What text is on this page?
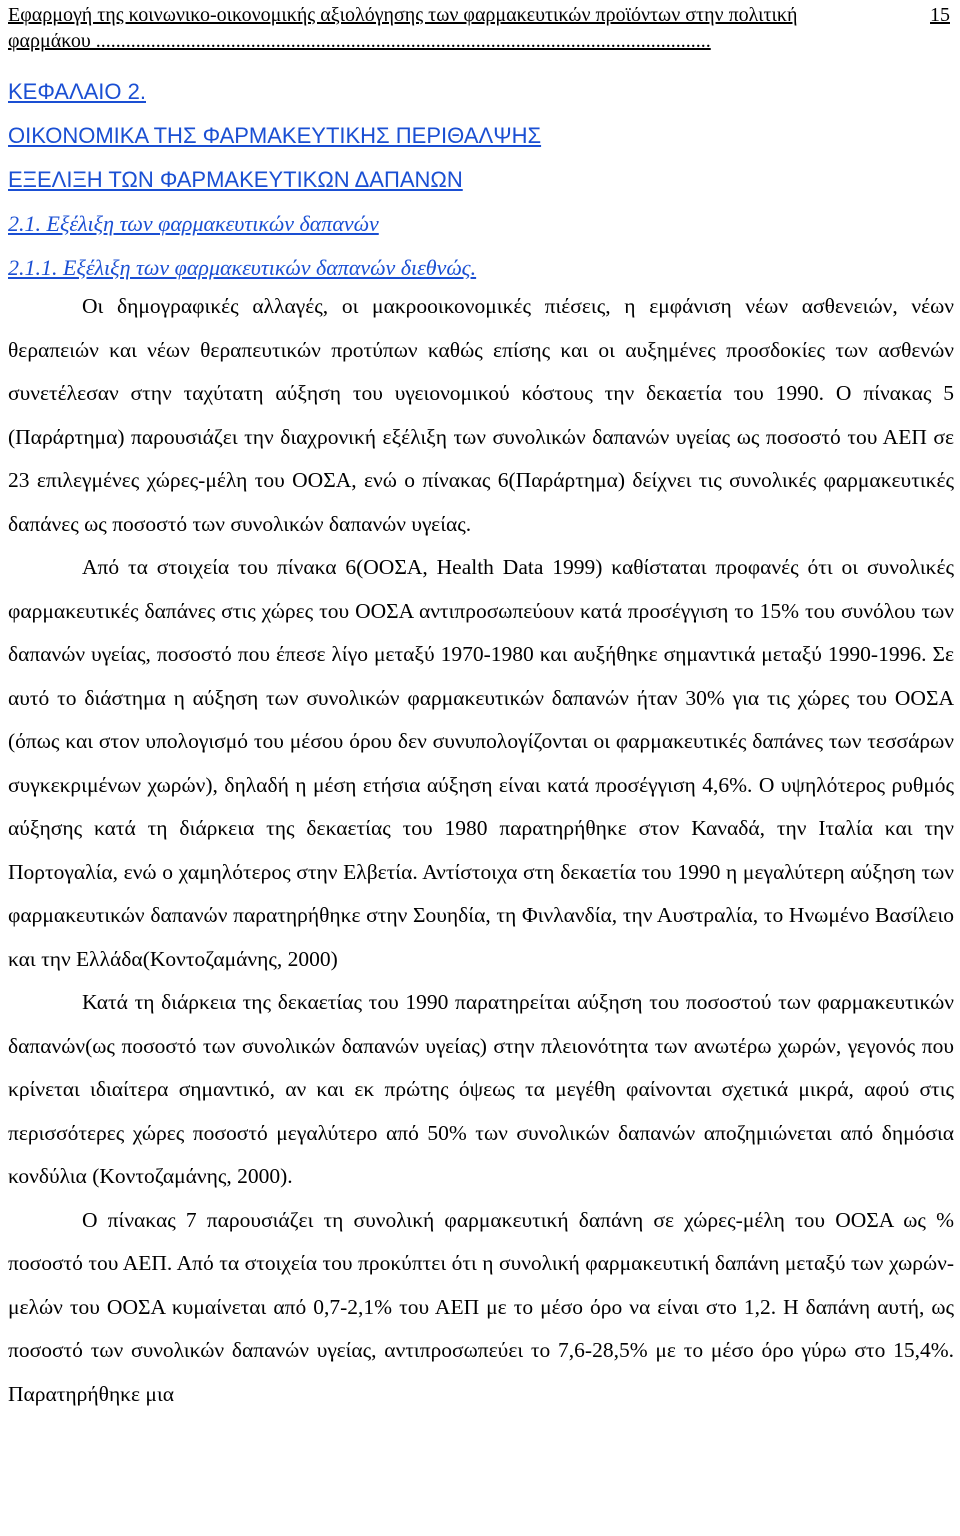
Εφαρμογή της κοινωνικο-οικονομικής αξιολόγησης των φαρμακευτικών προϊόντων στην πολιτική	15
φαρμάκου ...........................................................................................................................
ΚΕΦΑΛΑΙΟ 2.
ΟΙΚΟΝΟΜΙΚΑ ΤΗΣ ΦΑΡΜΑΚΕΥΤΙΚΗΣ ΠΕΡΙΘΑΛΨΗΣ
ΕΞΕΛΙΞΗ ΤΩΝ ΦΑΡΜΑΚΕΥΤΙΚΩΝ ΔΑΠΑΝΩΝ
2.1. Εξέλιξη των φαρμακευτικών δαπανών
2.1.1. Εξέλιξη των φαρμακευτικών δαπανών διεθνώς.

Οι δημογραφικές αλλαγές, οι μακροοικονομικές πιέσεις, η εμφάνιση νέων ασθενειών, νέων θεραπειών και νέων θεραπευτικών προτύπων καθώς επίσης και οι αυξημένες προσδοκίες των ασθενών συνετέλεσαν στην ταχύτατη αύξηση του υγειονομικού κόστους την δεκαετία του 1990. Ο πίνακας 5 (Παράρτημα) παρουσιάζει την διαχρονική εξέλιξη των συνολικών δαπανών υγείας ως ποσοστό του ΑΕΠ σε 23 επιλεγμένες χώρες-μέλη του ΟΟΣΑ, ενώ ο πίνακας 6(Παράρτημα) δείχνει τις συνολικές φαρμακευτικές δαπάνες ως ποσοστό των συνολικών δαπανών υγείας.

Από τα στοιχεία του πίνακα 6(ΟΟΣΑ, Health Data 1999) καθίσταται προφανές ότι οι συνολικές φαρμακευτικές δαπάνες στις χώρες του ΟΟΣΑ αντιπροσωπεύουν κατά προσέγγιση το 15% του συνόλου των δαπανών υγείας, ποσοστό που έπεσε λίγο μεταξύ 1970-1980 και αυξήθηκε σημαντικά μεταξύ 1990-1996. Σε αυτό το διάστημα η αύξηση των συνολικών φαρμακευτικών δαπανών ήταν 30% για τις χώρες του ΟΟΣΑ (όπως και στον υπολογισμό του μέσου όρου δεν συνυπολογίζονται οι φαρμακευτικές δαπάνες των τεσσάρων συγκεκριμένων χωρών), δηλαδή η μέση ετήσια αύξηση είναι κατά προσέγγιση 4,6%. Ο υψηλότερος ρυθμός αύξησης κατά τη διάρκεια της δεκαετίας του 1980 παρατηρήθηκε στον Καναδά, την Ιταλία και την Πορτογαλία, ενώ ο χαμηλότερος στην Ελβετία. Αντίστοιχα στη δεκαετία του 1990 η μεγαλύτερη αύξηση των φαρμακευτικών δαπανών παρατηρήθηκε στην Σουηδία, τη Φινλανδία, την Αυστραλία, το Ηνωμένο Βασίλειο και την Ελλάδα(Κοντοζαμάνης, 2000)

Κατά τη διάρκεια της δεκαετίας του 1990 παρατηρείται αύξηση του ποσοστού των φαρμακευτικών δαπανών(ως ποσοστό των συνολικών δαπανών υγείας) στην πλειονότητα των ανωτέρω χωρών, γεγονός που κρίνεται ιδιαίτερα σημαντικό, αν και εκ πρώτης όψεως τα μεγέθη φαίνονται σχετικά μικρά, αφού στις περισσότερες χώρες ποσοστό μεγαλύτερο από 50% των συνολικών δαπανών αποζημιώνεται από δημόσια κονδύλια (Κοντοζαμάνης, 2000).

Ο πίνακας 7 παρουσιάζει τη συνολική φαρμακευτική δαπάνη σε χώρες-μέλη του ΟΟΣΑ ως % ποσοστό του ΑΕΠ. Από τα στοιχεία του προκύπτει ότι η συνολική φαρμακευτική δαπάνη μεταξύ των χωρών-μελών του ΟΟΣΑ κυμαίνεται από 0,7-2,1% του ΑΕΠ με το μέσο όρο να είναι στο 1,2. Η δαπάνη αυτή, ως ποσοστό των συνολικών δαπανών υγείας, αντιπροσωπεύει το 7,6-28,5% με το μέσο όρο γύρω στο 15,4%. Παρατηρήθηκε μια
